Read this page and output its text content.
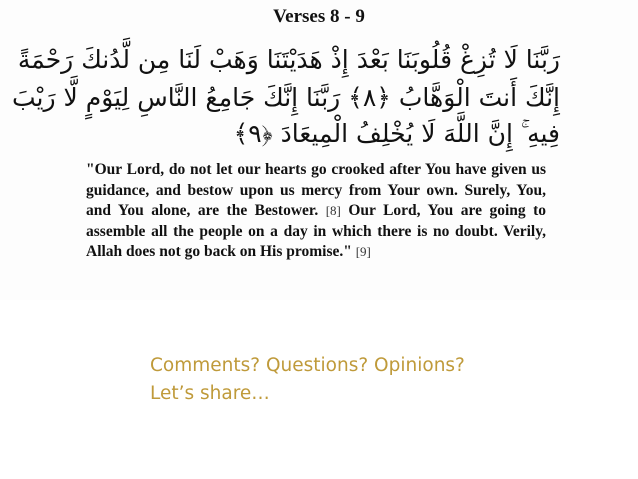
Verses 8 - 9
رَبَّنَا لَا تُزِغْ قُلُوبَنَا بَعْدَ إِذْ هَدَيْتَنَا وَهَبْ لَنَا مِن لَّدُنكَ رَحْمَةً
إِنَّكَ أَنتَ الْوَهَّابُ ﴿٨﴾ رَبَّنَا إِنَّكَ جَامِعُ النَّاسِ لِيَوْمٍ لَّا رَيْبَ
فِيهِ ۚ إِنَّ اللَّهَ لَا يُخْلِفُ الْمِيعَادَ ﴿٩﴾
"Our Lord, do not let our hearts go crooked after You have given us guidance, and bestow upon us mercy from Your own. Surely, You, and You alone, are the Bestower. [8] Our Lord, You are going to assemble all the people on a day in which there is no doubt. Verily, Allah does not go back on His promise." [9]
Comments? Questions? Opinions?
Let’s share…
